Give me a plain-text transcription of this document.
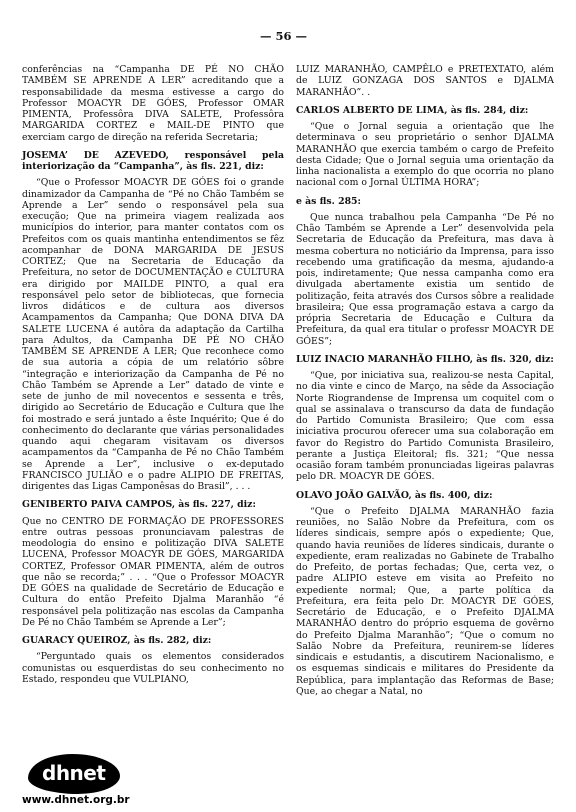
— 56 —

conferências na “Campanha DE PÉ NO CHÃO TAMBÉM SE APRENDE A LER” acreditando que a responsabilidade da mesma estivesse a cargo do Professor MOACYR DE GÓES, Professor OMAR PIMENTA, Professôra DIVA SALETE, Professôra MARGARIDA CORTEZ e MAIL-DE PINTO que exerciam cargo de direção na referida Secretaria;

JOSEMA’ DE AZEVEDO, responsável pela interiorização da “Campanha”, às fls. 221, diz:

“Que o Professor MOACYR DE GÓES foi o grande dinamizador da Campanha de “Pé no Chão Também se Aprende a Ler” sendo o responsável pela sua execução; Que na primeira viagem realizada aos municípios do interior, para manter contatos com os Prefeitos com os quais mantinha entendimentos se fêz acompanhar de DONA MARGARIDA DE JESUS CORTEZ; Que na Secretaria de Educação da Prefeitura, no setor de DOCUMENTAÇÃO e CULTURA era dirigido por MAILDE PINTO, a qual era responsável pelo setor de bibliotecas, que fornecia livros didáticos e de cultura aos diversos Acampamentos da Campanha; Que DONA DIVA DA SALETE LUCENA é autôra da adaptação da Cartilha para Adultos, da Campanha DE PÉ NO CHÃO TAMBÉM SE APRENDE A LER; Que reconhece como de sua autoria a cópia de um relatório sôbre “integração e interiorização da Campanha de Pé no Chão Também se Aprende a Ler” datado de vinte e sete de junho de mil novecentos e sessenta e três, dirigido ao Secretário de Educação e Cultura que lhe foi mostrado e será juntado a êste Inquérito; Que é do conhecimento do declarante que várias personalidades quando aqui chegaram visitavam os diversos acampamentos da “Campanha de Pé no Chão Também se Aprende a Ler”, inclusive o ex-deputado FRANCISCO JULIÃO e o padre ALIPIO DE FREITAS, dirigentes das Ligas Camponêsas do Brasil”, . . .

GENIBERTO PAIVA CAMPOS, às fls. 227, diz:

Que no CENTRO DE FORMAÇÃO DE PROFESSORES entre outras pessoas pronunciavam palestras de meodologia do ensino e politização DIVA SALETE LUCENA, Professor MOACYR DE GÓES, MARGARIDA CORTEZ, Professor OMAR PIMENTA, além de outros que não se recorda;” . . . “Que o Professor MOACYR DE GÓES na qualidade de Secretário de Educação e Cultura do então Prefeito Djalma Maranhão “é responsável pela politização nas escolas da Campanha De Pé no Chão Também se Aprende a Ler”;

GUARACY QUEIROZ, às fls. 282, diz:

“Perguntado quais os elementos considerados comunistas ou esquerdistas do seu conhecimento no Estado, respondeu que VULPIANO,

LUIZ MARANHÃO, CAMPÊLO e PRETEXTATO, além de LUIZ GONZAGA DOS SANTOS e DJALMA MARANHÃO”. .

CARLOS ALBERTO DE LIMA, às fls. 284, diz:

“Que o Jornal seguia a orientação que lhe determinava o seu proprietário o senhor DJALMA MARANHÃO que exercia também o cargo de Prefeito desta Cidade; Que o Jornal seguia uma orientação da linha nacionalista a exemplo do que ocorria no plano nacional com o Jornal ÚLTIMA HORA”;

e às fls. 285:

Que nunca trabalhou pela Campanha “De Pé no Chão Também se Aprende a Ler” desenvolvida pela Secretaria de Educação da Prefeitura, mas dava à mesma cobertura no noticiário da Imprensa, para isso recebendo uma gratificação da mesma, ajudando-a pois, indiretamente; Que nessa campanha como era divulgada abertamente existia um sentido de politização, feita através dos Cursos sôbre a realidade brasileira; Que essa programação estava a cargo da própria Secretaria de Educação e Cultura da Prefeitura, da qual era titular o professr MOACYR DE GÓES”;

LUIZ INACIO MARANHÃO FILHO, às fls. 320, diz:

“Que, por iniciativa sua, realizou-se nesta Capital, no dia vinte e cinco de Março, na sêde da Associação Norte Riograndense de Imprensa um coquitel com o qual se assinalava o transcurso da data de fundação do Partido Comunista Brasileiro; Que com essa iniciativa procurou oferecer uma sua colaboração em favor do Registro do Partido Comunista Brasileiro, perante a Justiça Eleitoral; fls. 321; “Que nessa ocasião foram também pronunciadas ligeiras palavras pelo DR. MOACYR DE GÓES.

OLAVO JOÃO GALVÃO, às fls. 400, diz:

“Que o Prefeito DJALMA MARANHÃO fazia reuniões, no Salão Nobre da Prefeitura, com os líderes sindicais, sempre após o expediente; Que, quando havia reuniões de líderes sindicais, durante o expediente, eram realizadas no Gabinete de Trabalho do Prefeito, de portas fechadas; Que, certa vez, o padre ALIPIO esteve em visita ao Prefeito no expediente normal; Que, a parte política da Prefeitura, era feita pelo Dr. MOACYR DE GÓES, Secretário de Educação, e o Prefeito DJALMA MARANHÃO dentro do próprio esquema de govêrno do Prefeito Djalma Maranhão”; “Que o comum no Salão Nobre da Prefeitura, reunirem-se líderes sindicais e estudantis, a discutirem Nacionalismo, e os esquemas sindicais e militares do Presidente da República, para implantação das Reformas de Base; Que, ao chegar a Natal, no

dhnet
www.dhnet.org.br
